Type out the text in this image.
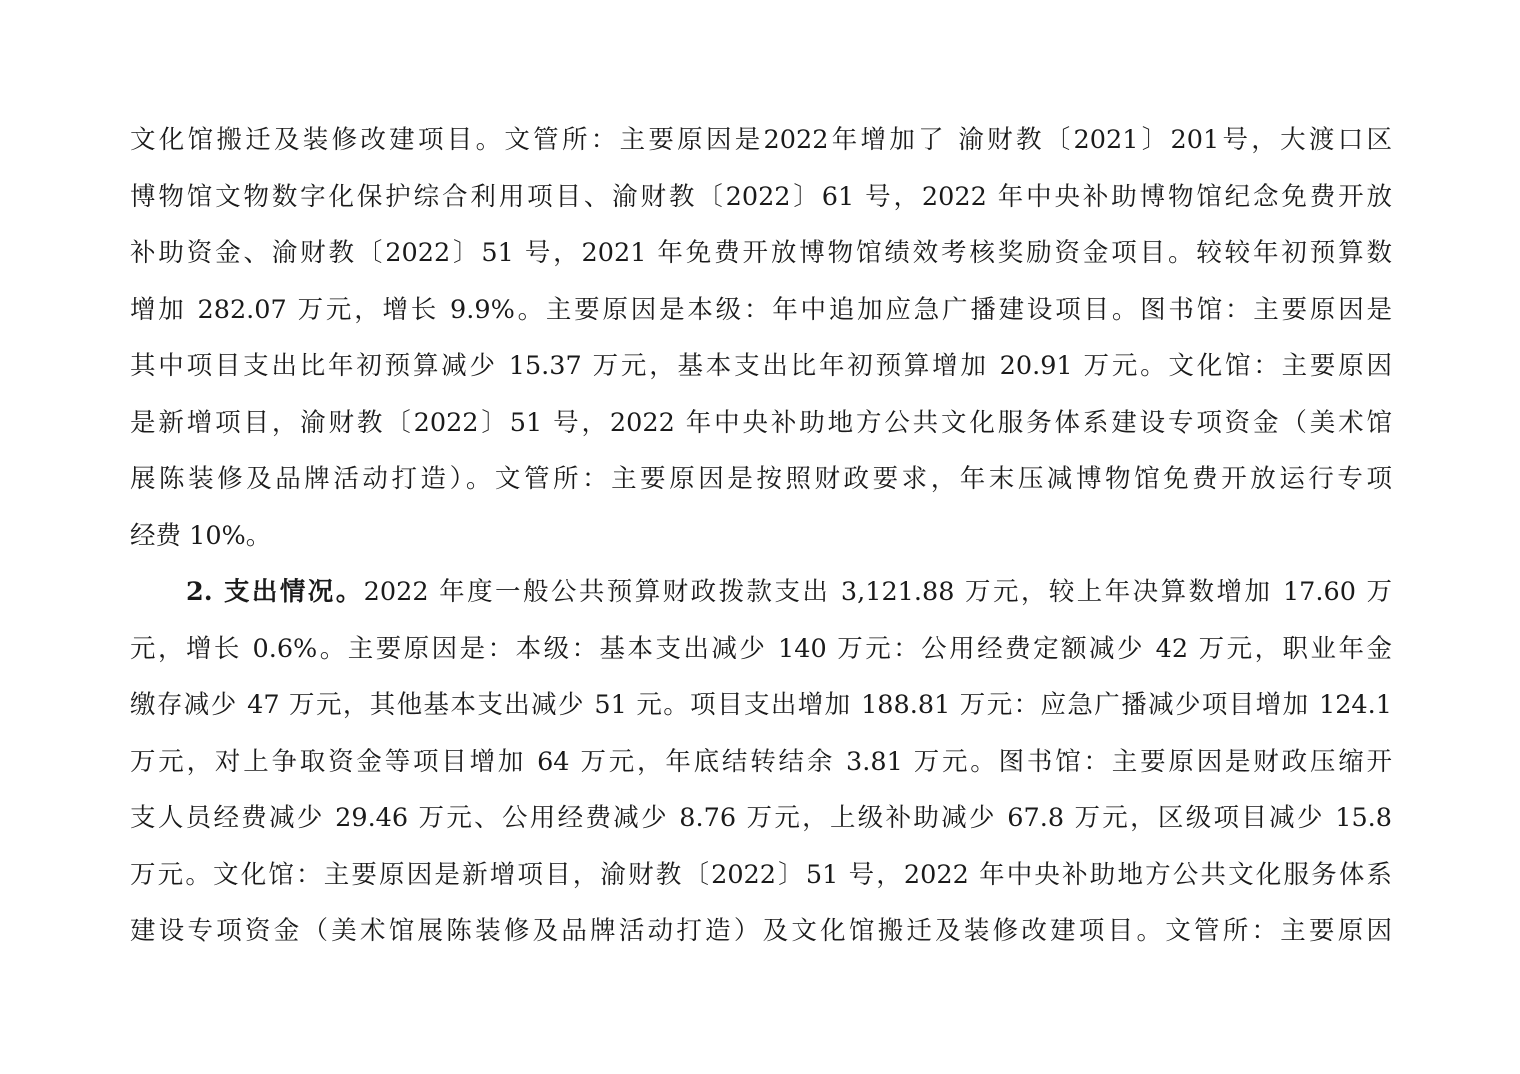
文化馆搬迁及装修改建项目。文管所：主要原因是2022年增加了 渝财教〔2021〕201号，大渡口区
博物馆文物数字化保护综合利用项目、渝财教〔2022〕61 号，2022 年中央补助博物馆纪念免费开放
补助资金、渝财教〔2022〕51 号，2021 年免费开放博物馆绩效考核奖励资金项目。较较年初预算数
增加 282.07 万元，增长 9.9%。主要原因是本级：年中追加应急广播建设项目。图书馆：主要原因是
其中项目支出比年初预算减少 15.37 万元，基本支出比年初预算增加 20.91 万元。文化馆：主要原因
是新增项目，渝财教〔2022〕51 号，2022 年中央补助地方公共文化服务体系建设专项资金（美术馆
展陈装修及品牌活动打造）。文管所：主要原因是按照财政要求，年末压减博物馆免费开放运行专项
经费 10%。
2. 支出情况。2022 年度一般公共预算财政拨款支出 3,121.88 万元，较上年决算数增加 17.60 万
元，增长 0.6%。主要原因是：本级：基本支出减少 140 万元：公用经费定额减少 42 万元，职业年金
缴存减少 47 万元，其他基本支出减少 51 元。项目支出增加 188.81 万元：应急广播减少项目增加 124.1
万元，对上争取资金等项目增加 64 万元，年底结转结余 3.81 万元。图书馆：主要原因是财政压缩开
支人员经费减少 29.46 万元、公用经费减少 8.76 万元，上级补助减少 67.8 万元，区级项目减少 15.8
万元。文化馆：主要原因是新增项目，渝财教〔2022〕51 号，2022 年中央补助地方公共文化服务体系
建设专项资金（美术馆展陈装修及品牌活动打造）及文化馆搬迁及装修改建项目。文管所：主要原因
